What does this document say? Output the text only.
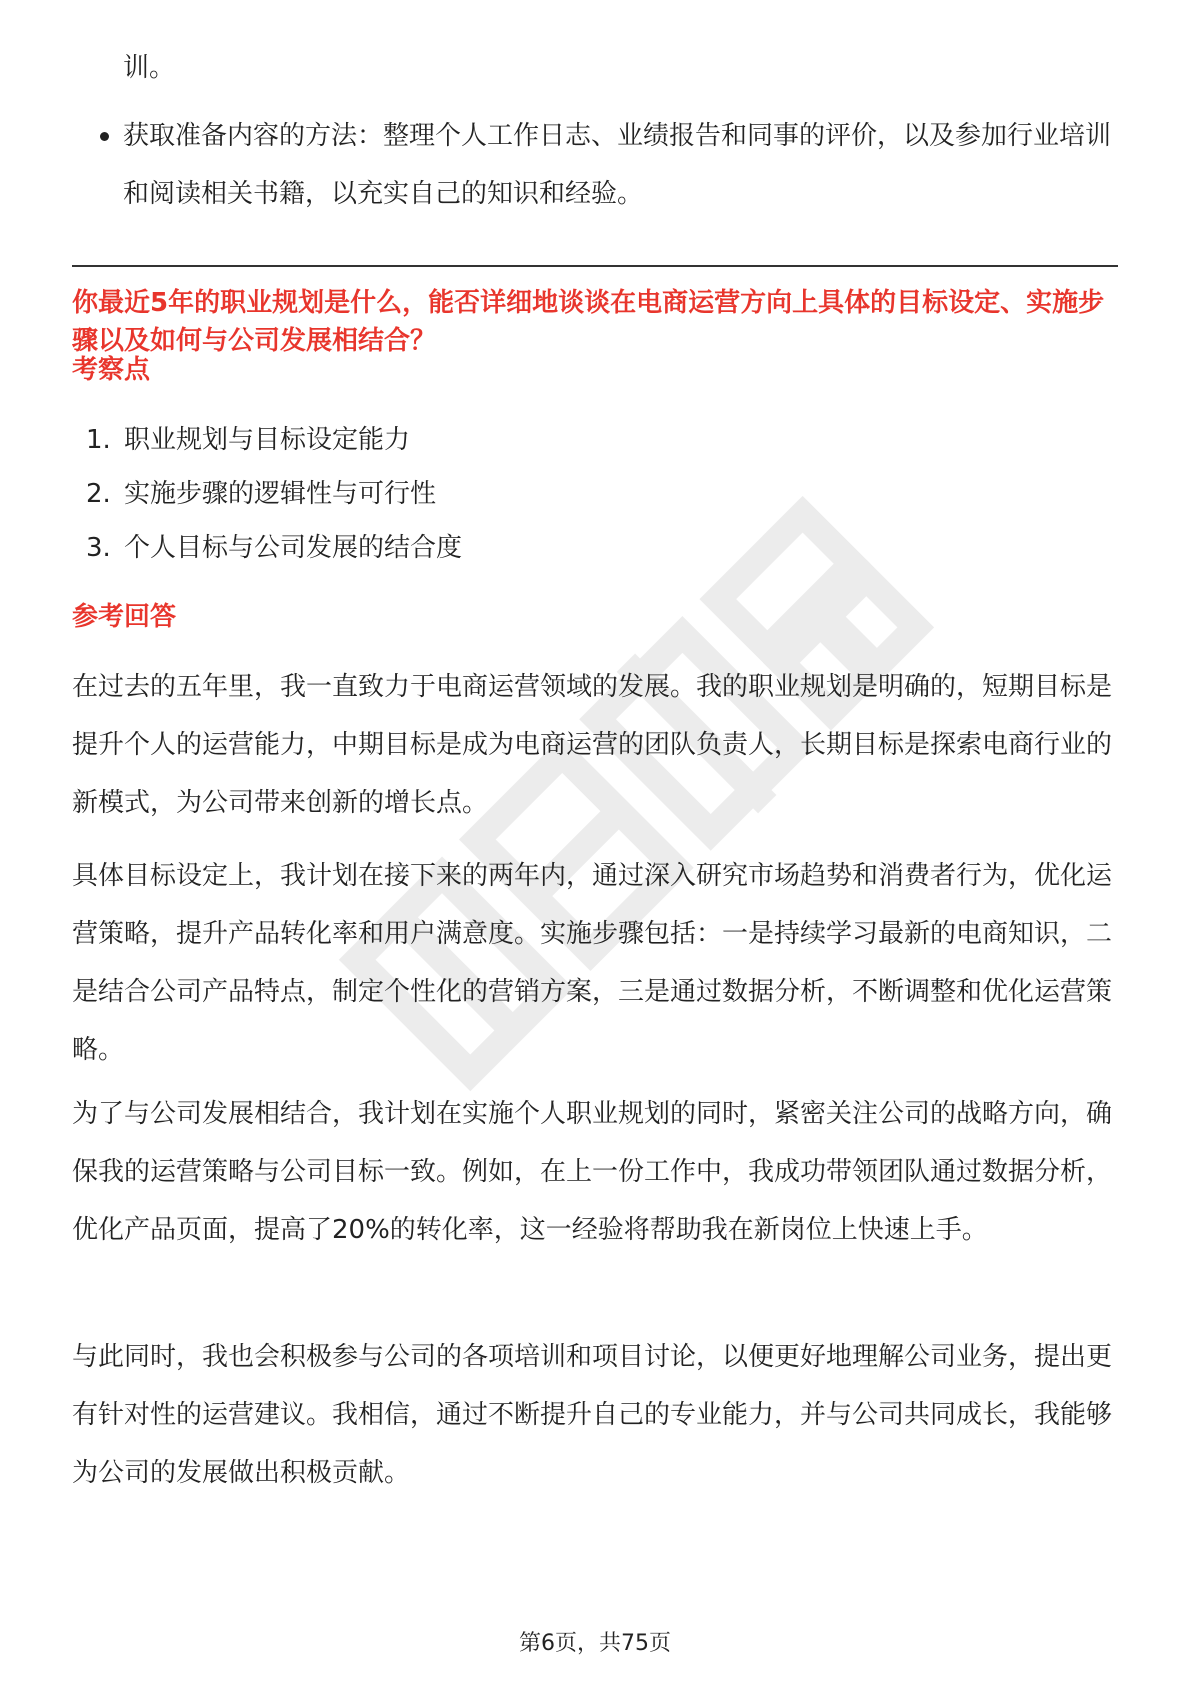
训。
获取准备内容的方法：整理个人工作日志、业绩报告和同事的评价，以及参加行业培训和阅读相关书籍，以充实自己的知识和经验。
你最近5年的职业规划是什么，能否详细地谈谈在电商运营方向上具体的目标设定、实施步骤以及如何与公司发展相结合？
考察点
1. 职业规划与目标设定能力
2. 实施步骤的逻辑性与可行性
3. 个人目标与公司发展的结合度
参考回答
在过去的五年里，我一直致力于电商运营领域的发展。我的职业规划是明确的，短期目标是提升个人的运营能力，中期目标是成为电商运营的团队负责人，长期目标是探索电商行业的新模式，为公司带来创新的增长点。
具体目标设定上，我计划在接下来的两年内，通过深入研究市场趋势和消费者行为，优化运营策略，提升产品转化率和用户满意度。实施步骤包括：一是持续学习最新的电商知识，二是结合公司产品特点，制定个性化的营销方案，三是通过数据分析，不断调整和优化运营策略。
为了与公司发展相结合，我计划在实施个人职业规划的同时，紧密关注公司的战略方向，确保我的运营策略与公司目标一致。例如，在上一份工作中，我成功带领团队通过数据分析，优化产品页面，提高了20%的转化率，这一经验将帮助我在新岗位上快速上手。
与此同时，我也会积极参与公司的各项培训和项目讨论，以便更好地理解公司业务，提出更有针对性的运营建议。我相信，通过不断提升自己的专业能力，并与公司共同成长，我能够为公司的发展做出积极贡献。
第6页，共75页
